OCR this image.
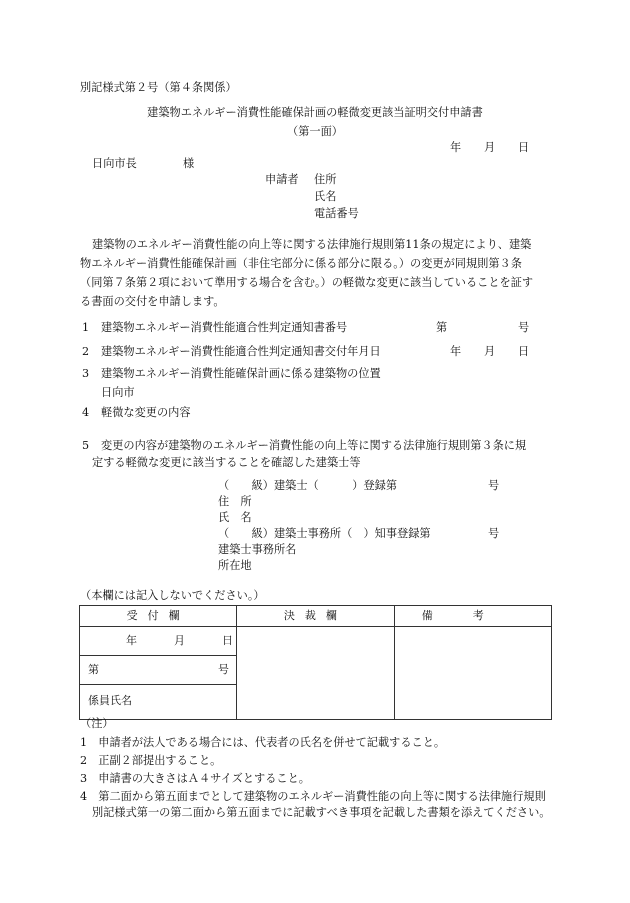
別記様式第２号（第４条関係）
建築物エネルギー消費性能確保計画の軽微変更該当証明交付申請書
（第一面）
年 月 日
日向市長	様
申請者 住所
氏名
電話番号
建築物のエネルギー消費性能の向上等に関する法律施行規則第11条の規定により、建築
物エネルギー消費性能確保計画（非住宅部分に係る部分に限る。）の変更が同規則第３条
（同第７条第２項において準用する場合を含む。）の軽微な変更に該当していることを証す
る書面の交付を申請します。
1 建築物エネルギー消費性能適合性判定通知書番号	第	号
2 建築物エネルギー消費性能適合性判定通知書交付年月日	年 月 日
3 建築物エネルギー消費性能確保計画に係る建築物の位置
日向市
4 軽微な変更の内容
5 変更の内容が建築物のエネルギー消費性能の向上等に関する法律施行規則第３条に規
定する軽微な変更に該当することを確認した建築士等
（　　級）建築士（　　　）登録第	号
住　所
氏　名
（　　級）建築士事務所（　）知事登録第	号
建築士事務所名
所在地
（本欄には記入しないでください。）
受付欄	決裁欄	備考

年 月 日		

第 号		

係員氏名		
（注）
1　申請者が法人である場合には、代表者の氏名を併せて記載すること。
2　正副２部提出すること。
3　申請書の大きさはＡ４サイズとすること。
4　第二面から第五面までとして建築物のエネルギー消費性能の向上等に関する法律施行規則
別記様式第一の第二面から第五面までに記載すべき事項を記載した書類を添えてください。
